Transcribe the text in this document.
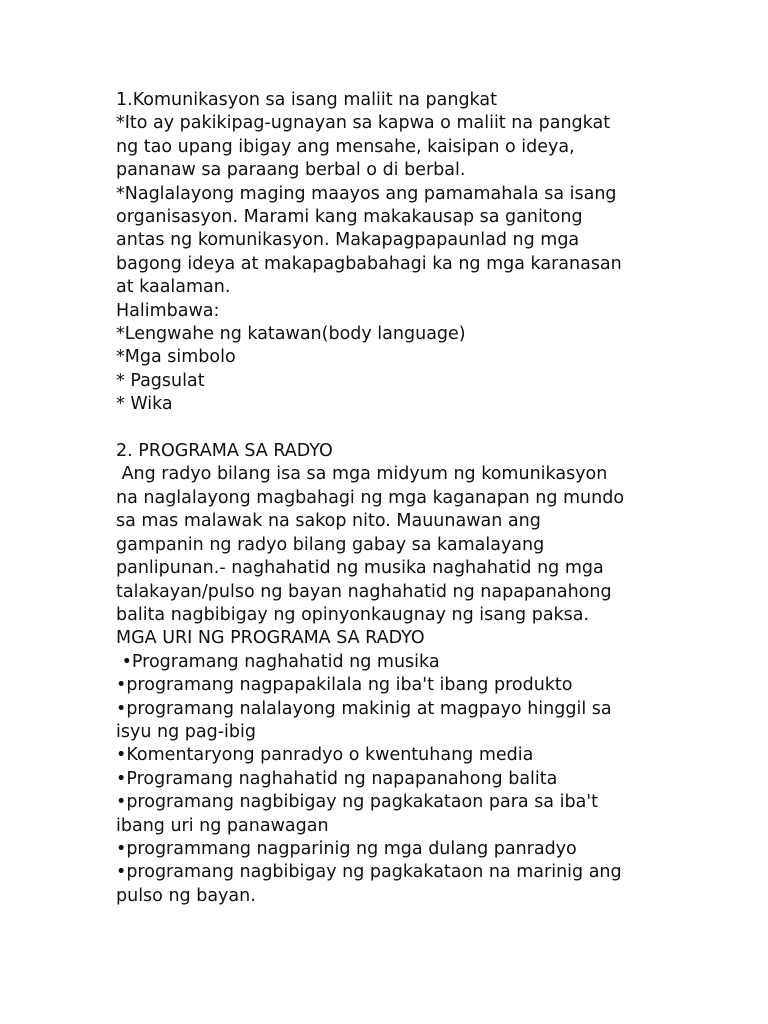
1.Komunikasyon sa isang maliit na pangkat
*Ito ay pakikipag-ugnayan sa kapwa o maliit na pangkat
ng tao upang ibigay ang mensahe, kaisipan o ideya,
pananaw sa paraang berbal o di berbal.
*Naglalayong maging maayos ang pamamahala sa isang
organisasyon. Marami kang makakausap sa ganitong
antas ng komunikasyon. Makapagpapaunlad ng mga
bagong ideya at makapagbabahagi ka ng mga karanasan
at kaalaman.
Halimbawa:
*Lengwahe ng katawan(body language)
*Mga simbolo
* Pagsulat
* Wika
2. PROGRAMA SA RADYO
Ang radyo bilang isa sa mga midyum ng komunikasyon
na naglalayong magbahagi ng mga kaganapan ng mundo
sa mas malawak na sakop nito. Mauunawan ang
gampanin ng radyo bilang gabay sa kamalayang
panlipunan.- naghahatid ng musika naghahatid ng mga
talakayan/pulso ng bayan naghahatid ng napapanahong
balita nagbibigay ng opinyonkaugnay ng isang paksa.
MGA URI NG PROGRAMA SA RADYO
•Programang naghahatid ng musika
•programang nagpapakilala ng iba't ibang produkto
•programang nalalayong makinig at magpayo hinggil sa
isyu ng pag-ibig
•Komentaryong panradyo o kwentuhang media
•Programang naghahatid ng napapanahong balita
•programang nagbibigay ng pagkakataon para sa iba't
ibang uri ng panawagan
•programmang nagparinig ng mga dulang panradyo
•programang nagbibigay ng pagkakataon na marinig ang
pulso ng bayan.
